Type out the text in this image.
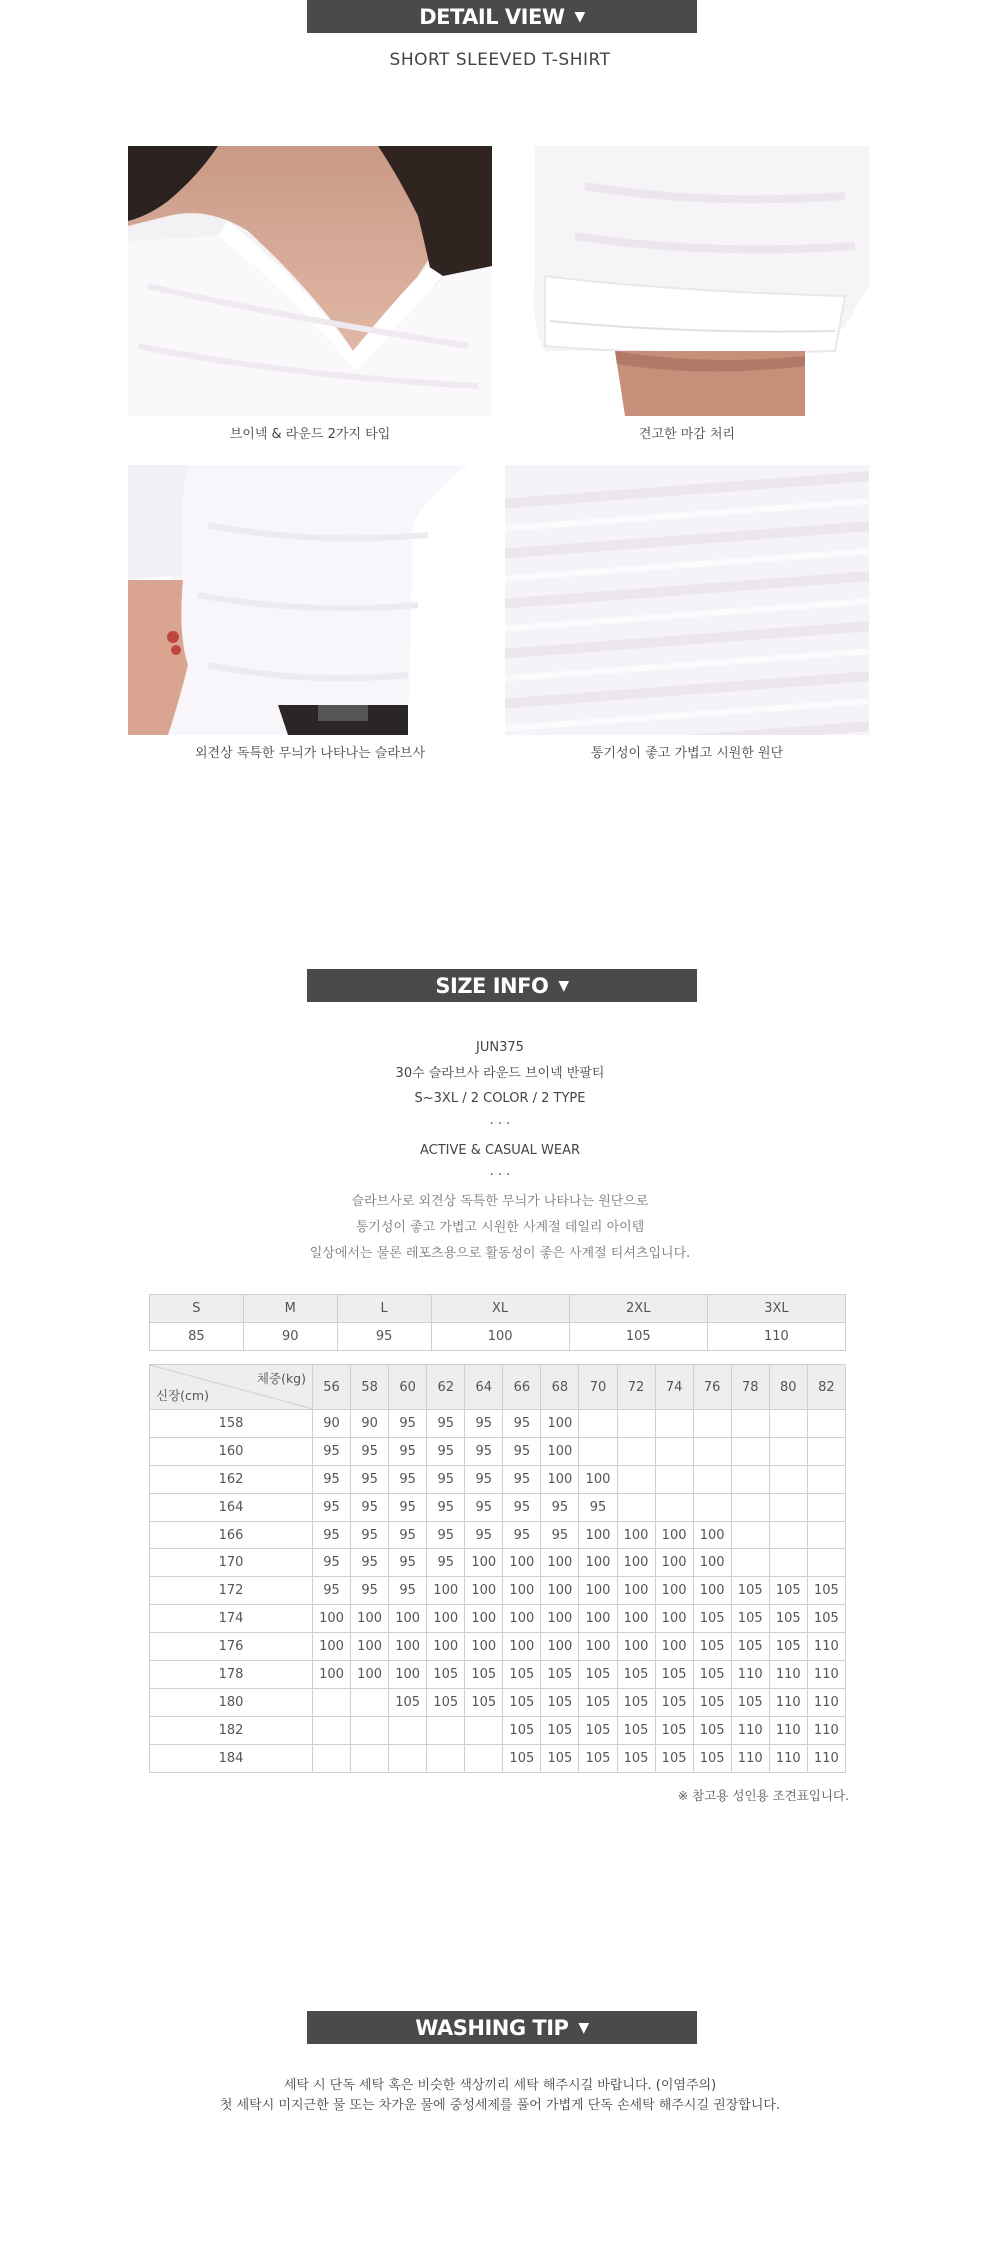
DETAIL VIEW ▼
SHORT SLEEVED T-SHIRT
브이넥 & 라운드 2가지 타입	견고한 마감 처리
외견상 독특한 무늬가 나타나는 슬라브사	통기성이 좋고 가볍고 시원한 원단
SIZE INFO ▼
JUN375
30수 슬라브사 라운드 브이넥 반팔티
S~3XL / 2 COLOR / 2 TYPE
· · ·
ACTIVE & CASUAL WEAR
· · ·
슬라브사로 외견상 독특한 무늬가 나타나는 원단으로
통기성이 좋고 가볍고 시원한 사계절 데일리 아이템
일상에서는 물론 레포츠용으로 활동성이 좋은 사계절 티셔츠입니다.
S	M	L	XL	2XL	3XL
85	90	95	100	105	110
체중(kg)
신장(cm)	56	58	60	62	64	66	68	70	72	74	76	78	80	82
158	90	90	95	95	95	95	100							
160	95	95	95	95	95	95	100							
162	95	95	95	95	95	95	100	100						
164	95	95	95	95	95	95	95	95						
166	95	95	95	95	95	95	95	100	100	100	100			
170	95	95	95	95	100	100	100	100	100	100	100			
172	95	95	95	100	100	100	100	100	100	100	100	105	105	105
174	100	100	100	100	100	100	100	100	100	100	105	105	105	105
176	100	100	100	100	100	100	100	100	100	100	105	105	105	110
178	100	100	100	105	105	105	105	105	105	105	105	110	110	110
180			105	105	105	105	105	105	105	105	105	105	110	110
182						105	105	105	105	105	105	110	110	110
184						105	105	105	105	105	105	110	110	110
※ 참고용 성인용 조견표입니다.
WASHING TIP ▼
세탁 시 단독 세탁 혹은 비슷한 색상끼리 세탁 해주시길 바랍니다. (이염주의)
첫 세탁시 미지근한 물 또는 차가운 물에 중성세제를 풀어 가볍게 단독 손세탁 해주시길 권장합니다.
